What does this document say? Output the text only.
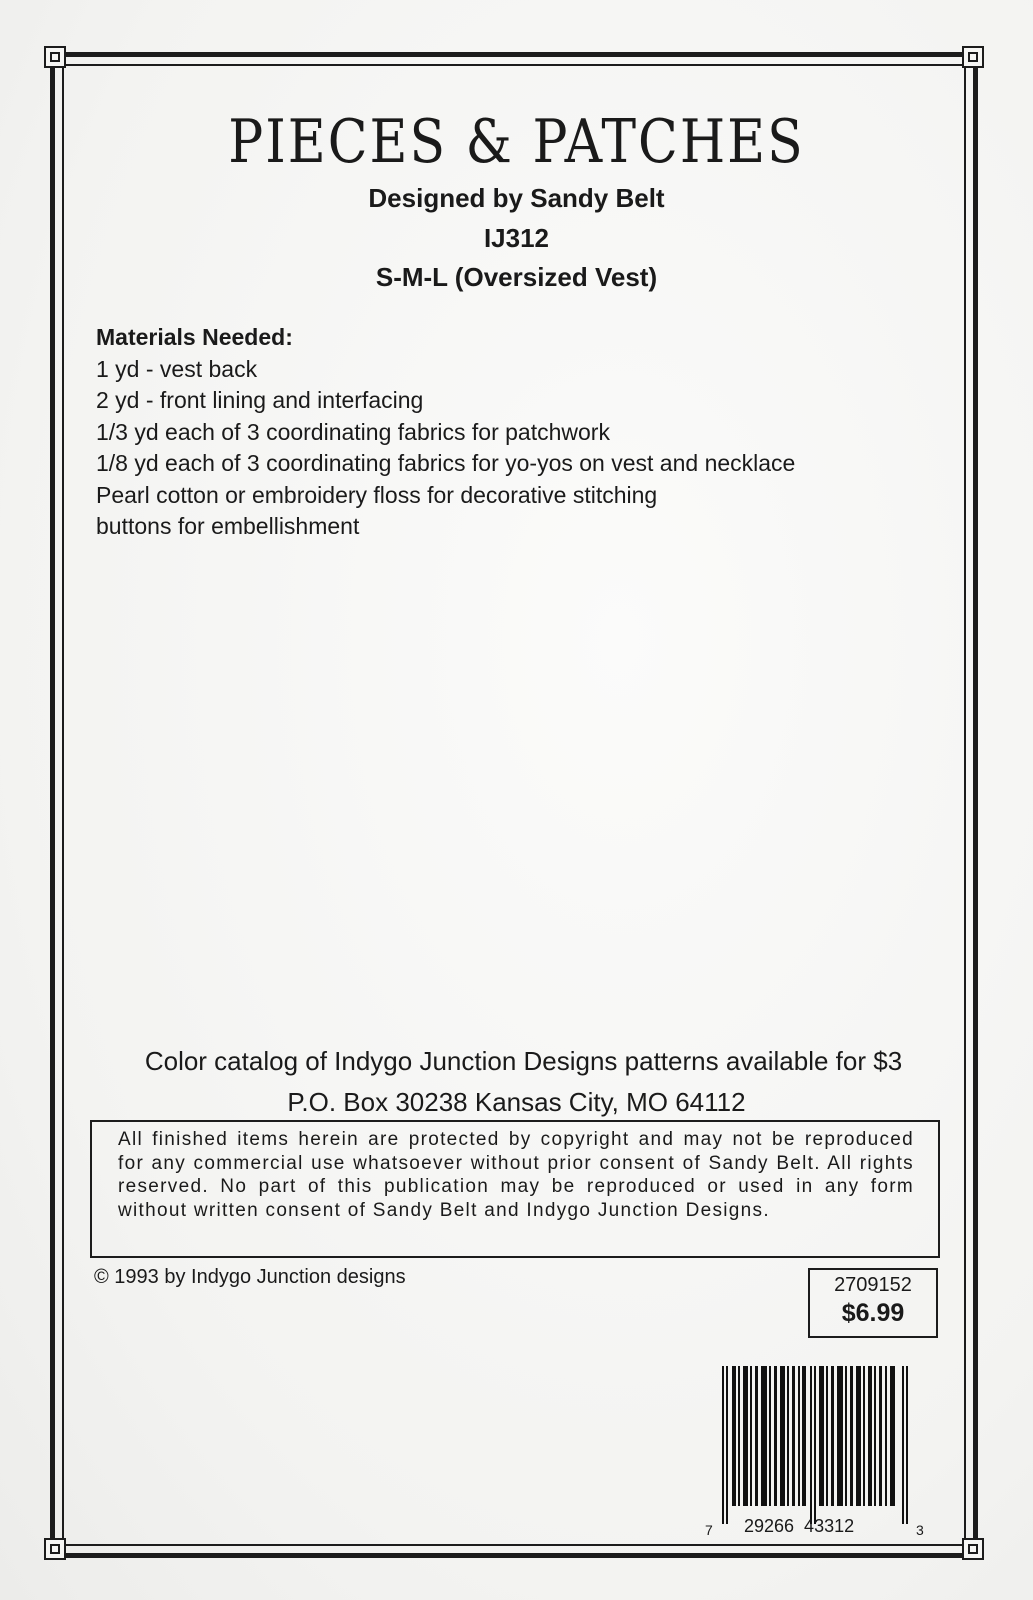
PIECES & PATCHES
Designed by Sandy Belt
IJ312
S-M-L (Oversized Vest)
Materials Needed:
1 yd - vest back
2 yd - front lining and interfacing
1/3 yd each of 3 coordinating fabrics for patchwork
1/8 yd each of 3 coordinating fabrics for yo-yos on vest and necklace
Pearl cotton or embroidery floss for decorative stitching
buttons for embellishment
Color catalog of Indygo Junction Designs patterns available for $3
P.O. Box 30238 Kansas City, MO 64112
All finished items herein are protected by copyright and may not be reproduced for any commercial use whatsoever without prior consent of Sandy Belt. All rights reserved. No part of this publication may be reproduced or used in any form without written consent of Sandy Belt and Indygo Junction Designs.
© 1993 by Indygo Junction designs	2709152
$6.99
7 29266  43312	3
